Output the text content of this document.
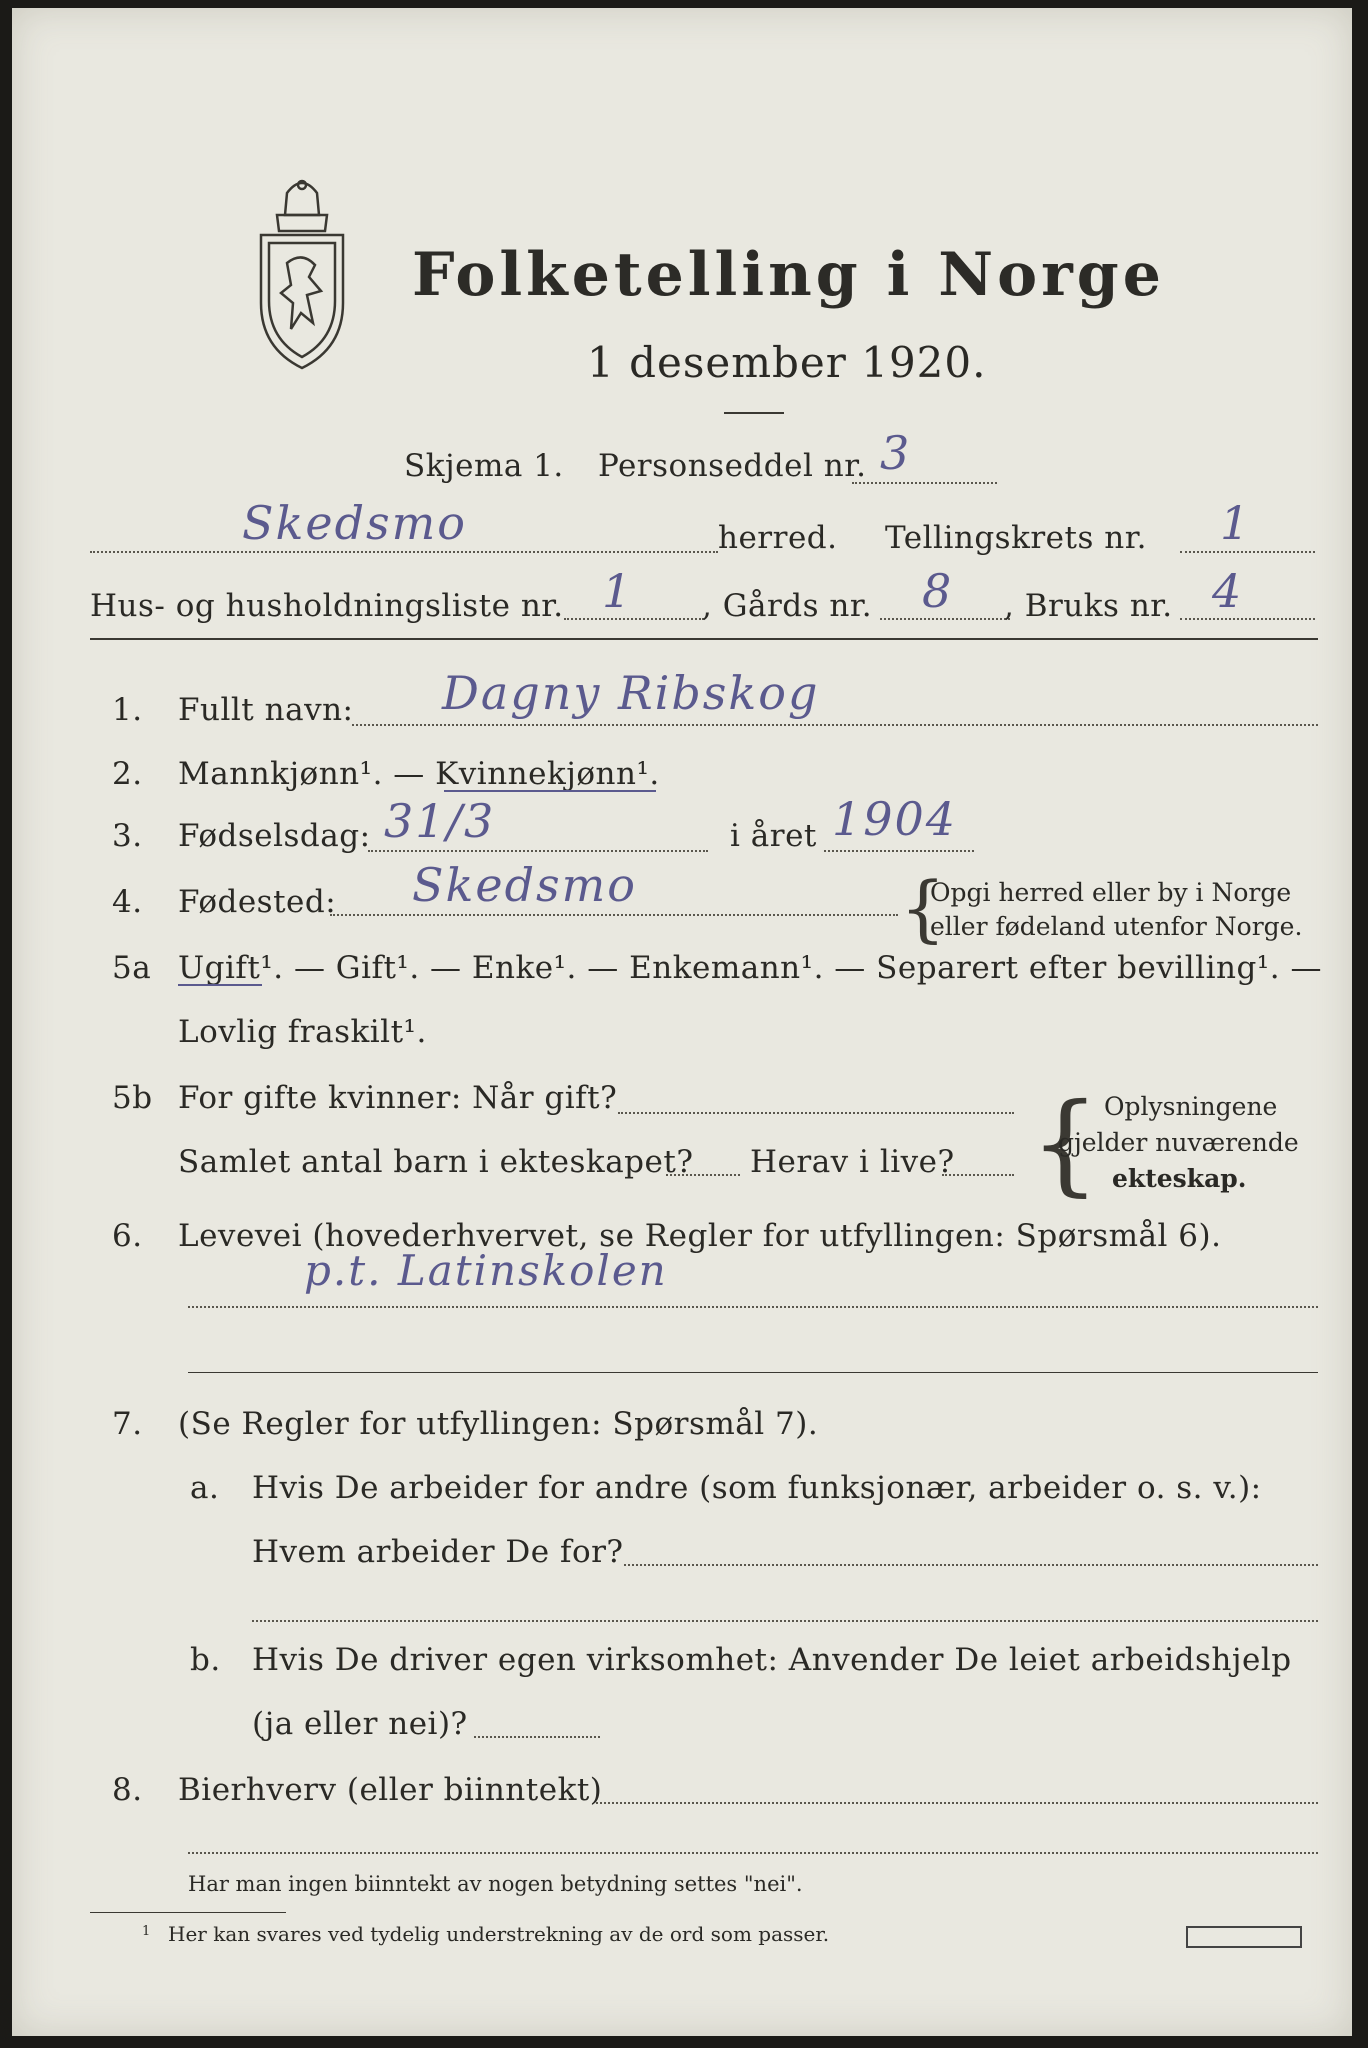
Folketelling i Norge
1 desember 1920.
Skjema 1. Personseddel nr. 3
Skedsmo	herred. Tellingskrets nr. 1
Hus- og husholdningsliste nr. 1 , Gårds nr. 8 , Bruks nr. 4
1. Fullt navn: Dagny Ribskog
2. Mannkjønn¹. — Kvinnekjønn¹.
3. Fødselsdag: 31/3	i året 1904
4. Fødested: Skedsmo	{
Opgi herred eller by i Norge
eller fødeland utenfor Norge.
5a Ugift¹. — Gift¹. — Enke¹. — Enkemann¹. — Separert efter bevilling¹. —
Lovlig fraskilt¹.
5b For gifte kvinner: Når gift?
Samlet antal barn i ekteskapet? Herav i live? { Oplysningene
gjelder nuværende
ekteskap.
6. Levevei (hovederhvervet, se Regler for utfyllingen: Spørsmål 6).
p.t. Latinskolen
7. (Se Regler for utfyllingen: Spørsmål 7).
a. Hvis De arbeider for andre (som funksjonær, arbeider o. s. v.):
Hvem arbeider De for?
b. Hvis De driver egen virksomhet: Anvender De leiet arbeidshjelp
(ja eller nei)?
8. Bierhverv (eller biinntekt)
Har man ingen biinntekt av nogen betydning settes "nei".
1 Her kan svares ved tydelig understrekning av de ord som passer.
